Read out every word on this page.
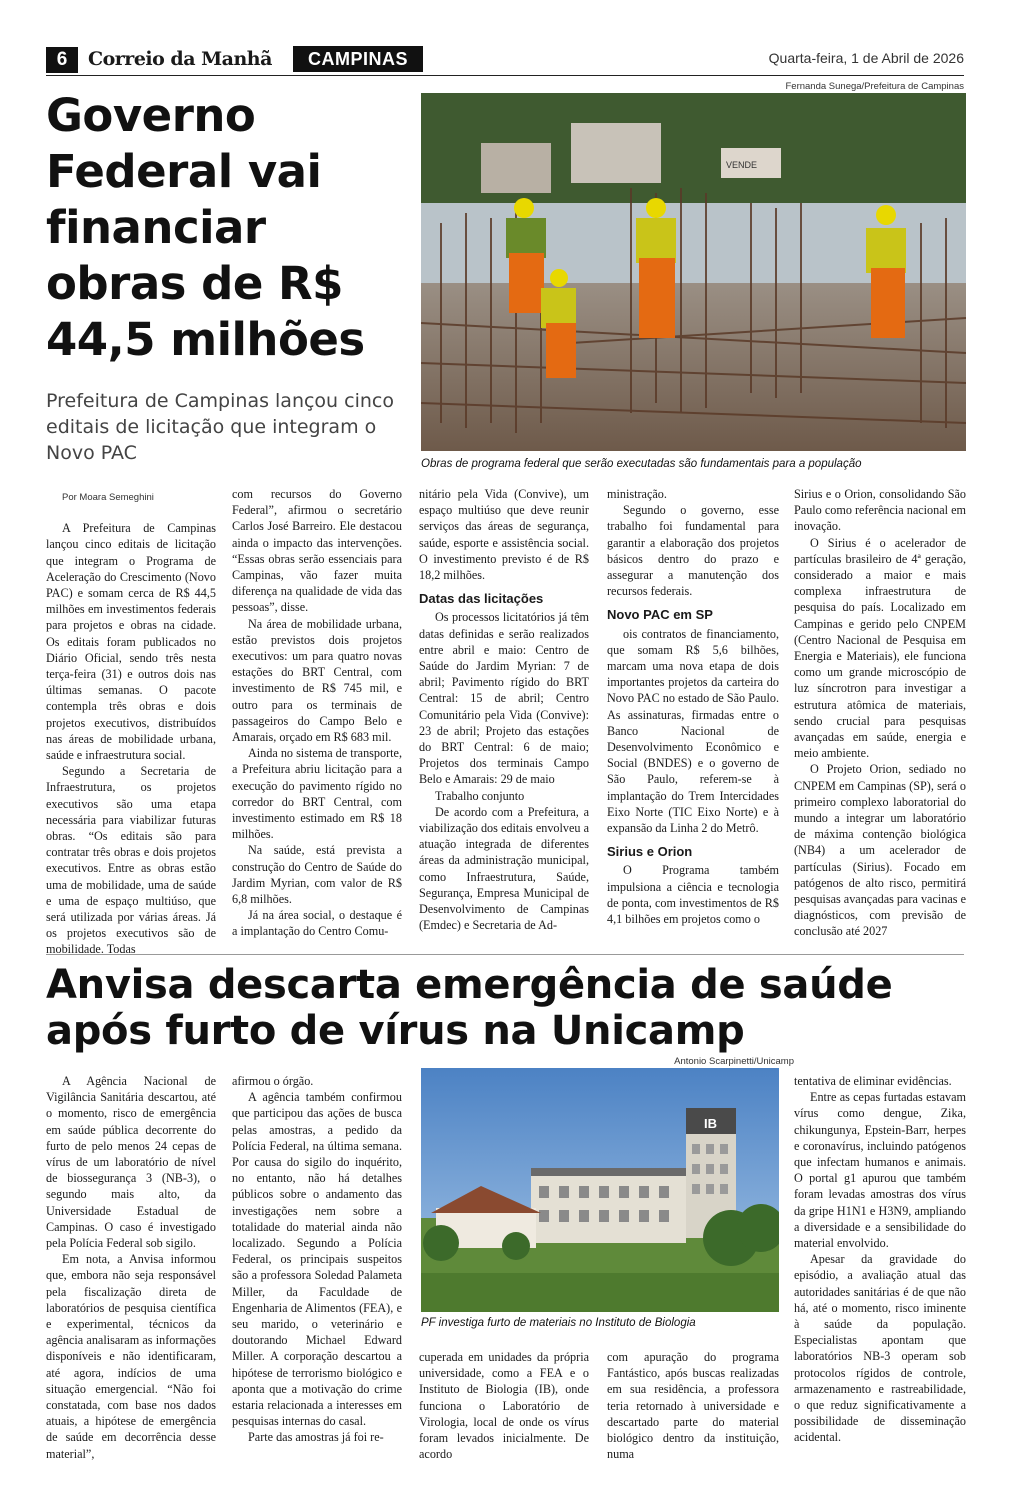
6	Correio da Manhã	CAMPINAS	Quarta-feira, 1 de Abril de 2026
Governo Federal vai financiar obras de R$ 44,5 milhões
Prefeitura de Campinas lançou cinco editais de licitação que integram o Novo PAC
Fernanda Sunega/Prefeitura de Campinas
VENDE
Obras de programa federal que serão executadas são fundamentais para a população

Por Moara Semeghini

A Prefeitura de Campinas lançou cinco editais de licitação que integram o Programa de Aceleração do Crescimento (Novo PAC) e somam cerca de R$ 44,5 milhões em investimentos federais para projetos e obras na cidade. Os editais foram publicados no Diário Oficial, sendo três nesta terça-feira (31) e outros dois nas últimas semanas. O pacote contempla três obras e dois projetos executivos, distribuídos nas áreas de mobilidade urbana, saúde e infraestrutura social.

Segundo a Secretaria de Infraestrutura, os projetos executivos são uma etapa necessária para viabilizar futuras obras. “Os editais são para contratar três obras e dois projetos executivos. Entre as obras estão uma de mobilidade, uma de saúde e uma de espaço multiúso, que será utilizada por várias áreas. Já os projetos executivos são de mobilidade. Todas

com recursos do Governo Federal”, afirmou o secretário Carlos José Barreiro. Ele destacou ainda o impacto das intervenções. “Essas obras serão essenciais para Campinas, vão fazer muita diferença na qualidade de vida das pessoas”, disse.

Na área de mobilidade urbana, estão previstos dois projetos executivos: um para quatro novas estações do BRT Central, com investimento de R$ 745 mil, e outro para os terminais de passageiros do Campo Belo e Amarais, orçado em R$ 683 mil.

Ainda no sistema de transporte, a Prefeitura abriu licitação para a execução do pavimento rígido no corredor do BRT Central, com investimento estimado em R$ 18 milhões.

Na saúde, está prevista a construção do Centro de Saúde do Jardim Myrian, com valor de R$ 6,8 milhões.

Já na área social, o destaque é a implantação do Centro Comu-

nitário pela Vida (Convive), um espaço multiúso que deve reunir serviços das áreas de segurança, saúde, esporte e assistência social. O investimento previsto é de R$ 18,2 milhões.

Datas das licitações

Os processos licitatórios já têm datas definidas e serão realizados entre abril e maio: Centro de Saúde do Jardim Myrian: 7 de abril; Pavimento rígido do BRT Central: 15 de abril; Centro Comunitário pela Vida (Convive): 23 de abril; Projeto das estações do BRT Central: 6 de maio; Projetos dos terminais Campo Belo e Amarais: 29 de maio

Trabalho conjunto

De acordo com a Prefeitura, a viabilização dos editais envolveu a atuação integrada de diferentes áreas da administração municipal, como Infraestrutura, Saúde, Segurança, Empresa Municipal de Desenvolvimento de Campinas (Emdec) e Secretaria de Ad-

ministração.

Segundo o governo, esse trabalho foi fundamental para garantir a elaboração dos projetos básicos dentro do prazo e assegurar a manutenção dos recursos federais.

Novo PAC em SP

ois contratos de financiamento, que somam R$ 5,6 bilhões, marcam uma nova etapa de dois importantes projetos da carteira do Novo PAC no estado de São Paulo. As assinaturas, firmadas entre o Banco Nacional de Desenvolvimento Econômico e Social (BNDES) e o governo de São Paulo, referem-se à implantação do Trem Intercidades Eixo Norte (TIC Eixo Norte) e à expansão da Linha 2 do Metrô.

Sirius e Orion

O Programa também impulsiona a ciência e tecnologia de ponta, com investimentos de R$ 4,1 bilhões em projetos como o

Sirius e o Orion, consolidando São Paulo como referência nacional em inovação.

O Sirius é o acelerador de partículas brasileiro de 4ª geração, considerado a maior e mais complexa infraestrutura de pesquisa do país. Localizado em Campinas e gerido pelo CNPEM (Centro Nacional de Pesquisa em Energia e Materiais), ele funciona como um grande microscópio de luz síncrotron para investigar a estrutura atômica de materiais, sendo crucial para pesquisas avançadas em saúde, energia e meio ambiente.

O Projeto Orion, sediado no CNPEM em Campinas (SP), será o primeiro complexo laboratorial do mundo a integrar um laboratório de máxima contenção biológica (NB4) a um acelerador de partículas (Sirius). Focado em patógenos de alto risco, permitirá pesquisas avançadas para vacinas e diagnósticos, com previsão de conclusão até 2027

Anvisa descarta emergência de saúde após furto de vírus na Unicamp
Antonio Scarpinetti/Unicamp
IB
PF investiga furto de materiais no Instituto de Biologia

A Agência Nacional de Vigilância Sanitária descartou, até o momento, risco de emergência em saúde pública decorrente do furto de pelo menos 24 cepas de vírus de um laboratório de nível de biossegurança 3 (NB-3), o segundo mais alto, da Universidade Estadual de Campinas. O caso é investigado pela Polícia Federal sob sigilo.

Em nota, a Anvisa informou que, embora não seja responsável pela fiscalização direta de laboratórios de pesquisa científica e experimental, técnicos da agência analisaram as informações disponíveis e não identificaram, até agora, indícios de uma situação emergencial. “Não foi constatada, com base nos dados atuais, a hipótese de emergência de saúde em decorrência desse material”,

afirmou o órgão.

A agência também confirmou que participou das ações de busca pelas amostras, a pedido da Polícia Federal, na última semana. Por causa do sigilo do inquérito, no entanto, não há detalhes públicos sobre o andamento das investigações nem sobre a totalidade do material ainda não localizado. Segundo a Polícia Federal, os principais suspeitos são a professora Soledad Palameta Miller, da Faculdade de Engenharia de Alimentos (FEA), e seu marido, o veterinário e doutorando Michael Edward Miller. A corporação descartou a hipótese de terrorismo biológico e aponta que a motivação do crime estaria relacionada a interesses em pesquisas internas do casal.

Parte das amostras já foi re-

cuperada em unidades da própria universidade, como a FEA e o Instituto de Biologia (IB), onde funciona o Laboratório de Virologia, local de onde os vírus foram levados inicialmente. De acordo

com apuração do programa Fantástico, após buscas realizadas em sua residência, a professora teria retornado à universidade e descartado parte do material biológico dentro da instituição, numa

tentativa de eliminar evidências.

Entre as cepas furtadas estavam vírus como dengue, Zika, chikungunya, Epstein-Barr, herpes e coronavírus, incluindo patógenos que infectam humanos e animais. O portal g1 apurou que também foram levadas amostras dos vírus da gripe H1N1 e H3N9, ampliando a diversidade e a sensibilidade do material envolvido.

Apesar da gravidade do episódio, a avaliação atual das autoridades sanitárias é de que não há, até o momento, risco iminente à saúde da população. Especialistas apontam que laboratórios NB-3 operam sob protocolos rígidos de controle, armazenamento e rastreabilidade, o que reduz significativamente a possibilidade de disseminação acidental.
